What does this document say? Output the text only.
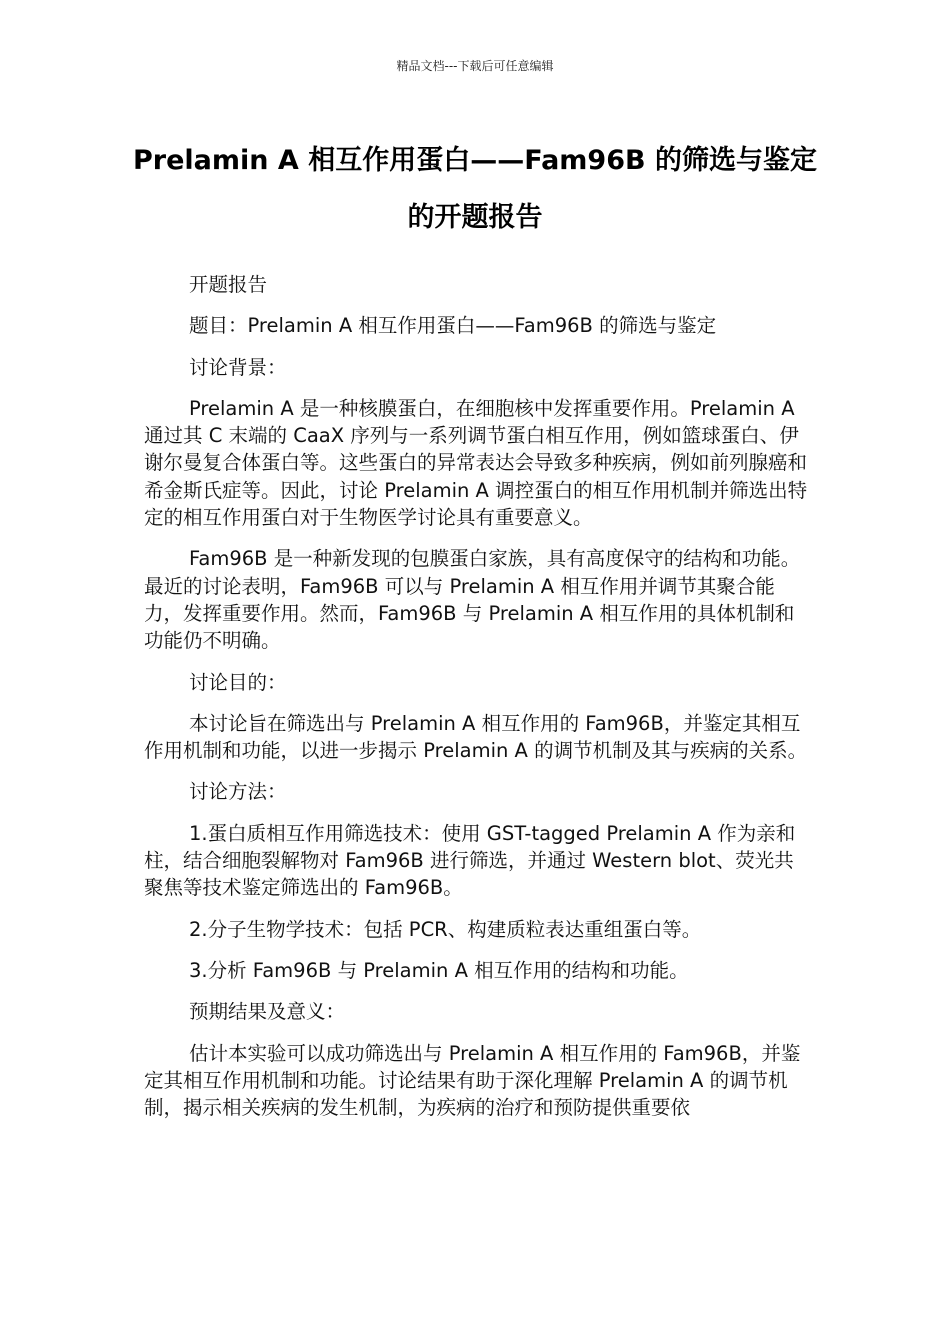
精品文档---下载后可任意编辑
Prelamin A 相互作用蛋白——Fam96B 的筛选与鉴定的开题报告

开题报告

题目：Prelamin A 相互作用蛋白——Fam96B 的筛选与鉴定

讨论背景：

Prelamin A 是一种核膜蛋白，在细胞核中发挥重要作用。Prelamin A 通过其 C 末端的 CaaX 序列与一系列调节蛋白相互作用，例如篮球蛋白、伊谢尔曼复合体蛋白等。这些蛋白的异常表达会导致多种疾病，例如前列腺癌和希金斯氏症等。因此，讨论 Prelamin A 调控蛋白的相互作用机制并筛选出特定的相互作用蛋白对于生物医学讨论具有重要意义。

Fam96B 是一种新发现的包膜蛋白家族，具有高度保守的结构和功能。最近的讨论表明，Fam96B 可以与 Prelamin A 相互作用并调节其聚合能力，发挥重要作用。然而，Fam96B 与 Prelamin A 相互作用的具体机制和功能仍不明确。

讨论目的：

本讨论旨在筛选出与 Prelamin A 相互作用的 Fam96B，并鉴定其相互作用机制和功能，以进一步揭示 Prelamin A 的调节机制及其与疾病的关系。

讨论方法：

1.蛋白质相互作用筛选技术：使用 GST-tagged Prelamin A 作为亲和柱，结合细胞裂解物对 Fam96B 进行筛选，并通过 Western blot、荧光共聚焦等技术鉴定筛选出的 Fam96B。

2.分子生物学技术：包括 PCR、构建质粒表达重组蛋白等。

3.分析 Fam96B 与 Prelamin A 相互作用的结构和功能。

预期结果及意义：

估计本实验可以成功筛选出与 Prelamin A 相互作用的 Fam96B，并鉴定其相互作用机制和功能。讨论结果有助于深化理解 Prelamin A 的调节机制，揭示相关疾病的发生机制，为疾病的治疗和预防提供重要依
